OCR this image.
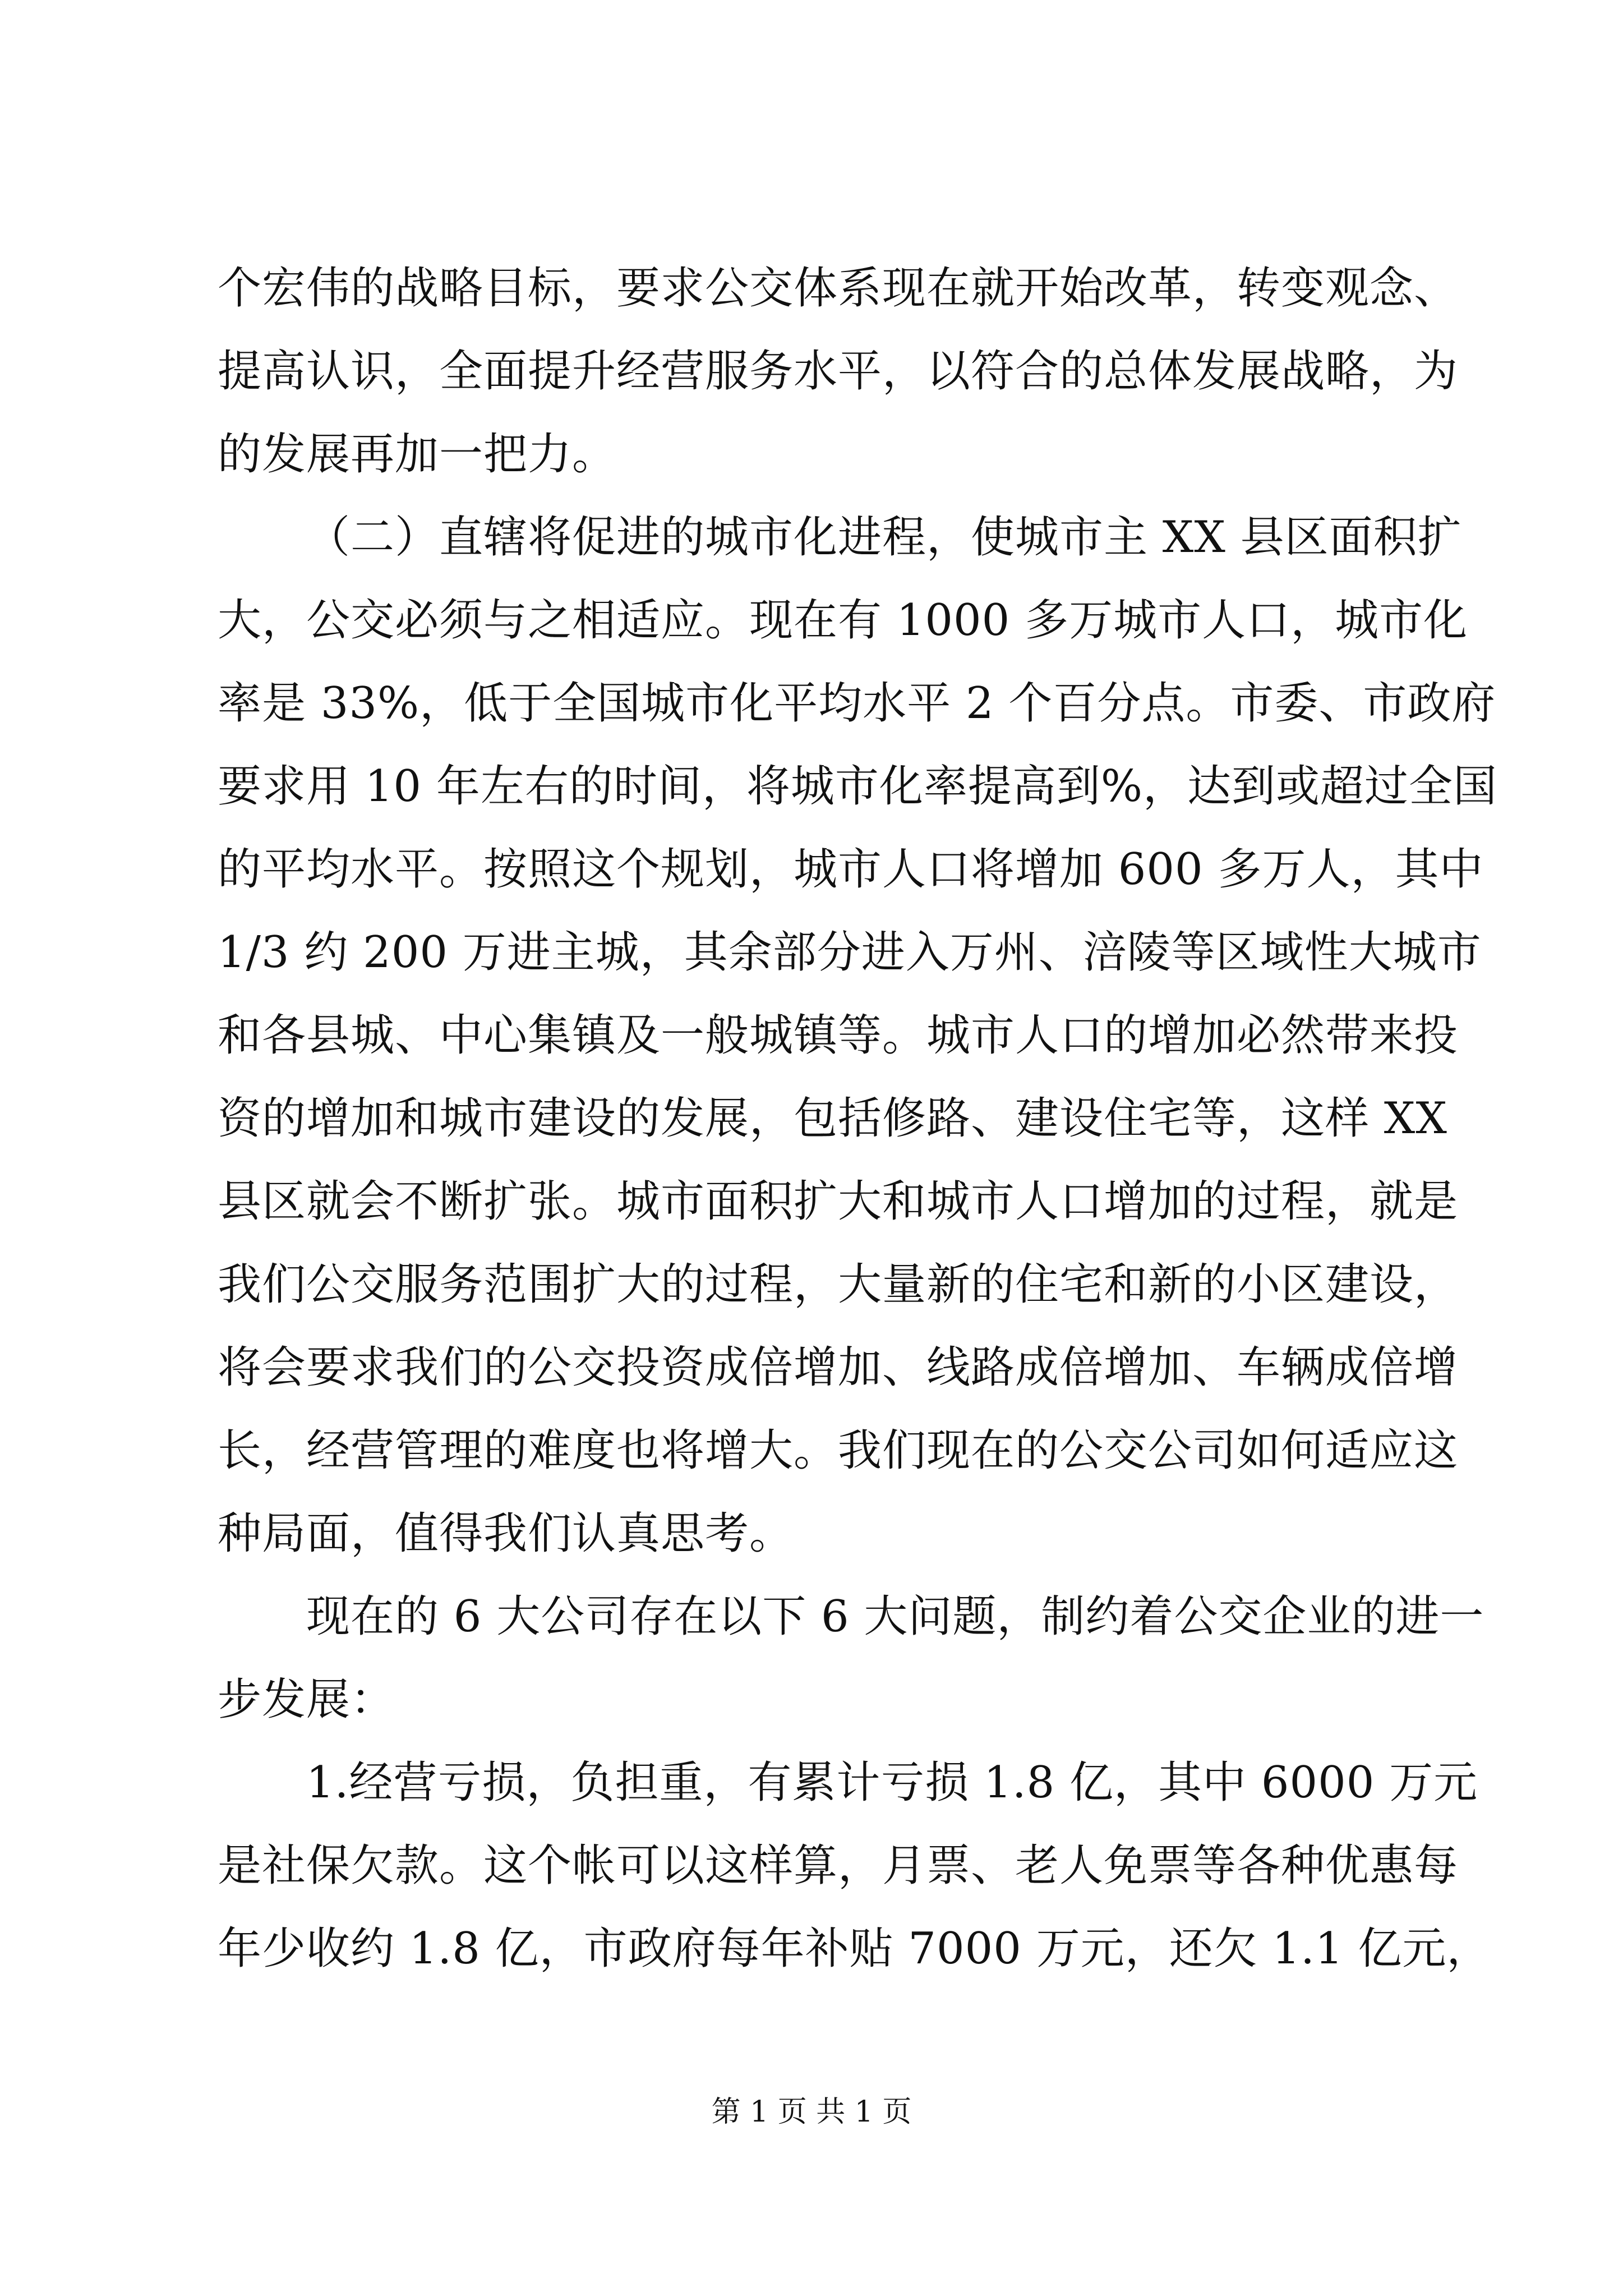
个宏伟的战略目标，要求公交体系现在就开始改革，转变观念、
提高认识，全面提升经营服务水平，以符合的总体发展战略，为
的发展再加一把力。
（二）直辖将促进的城市化进程，使城市主 XX 县区面积扩
大，公交必须与之相适应。现在有 1000 多万城市人口，城市化
率是 33%，低于全国城市化平均水平 2 个百分点。市委、市政府
要求用 10 年左右的时间，将城市化率提高到%，达到或超过全国
的平均水平。按照这个规划，城市人口将增加 600 多万人，其中
1/3 约 200 万进主城，其余部分进入万州、涪陵等区域性大城市
和各县城、中心集镇及一般城镇等。城市人口的增加必然带来投
资的增加和城市建设的发展，包括修路、建设住宅等，这样 XX
县区就会不断扩张。城市面积扩大和城市人口增加的过程，就是
我们公交服务范围扩大的过程，大量新的住宅和新的小区建设，
将会要求我们的公交投资成倍增加、线路成倍增加、车辆成倍增
长，经营管理的难度也将增大。我们现在的公交公司如何适应这
种局面，值得我们认真思考。
现在的 6 大公司存在以下 6 大问题，制约着公交企业的进一
步发展：
1.经营亏损，负担重，有累计亏损 1.8 亿，其中 6000 万元
是社保欠款。这个帐可以这样算，月票、老人免票等各种优惠每
年少收约 1.8 亿，市政府每年补贴 7000 万元，还欠 1.1 亿元，
第 1 页 共 1 页
